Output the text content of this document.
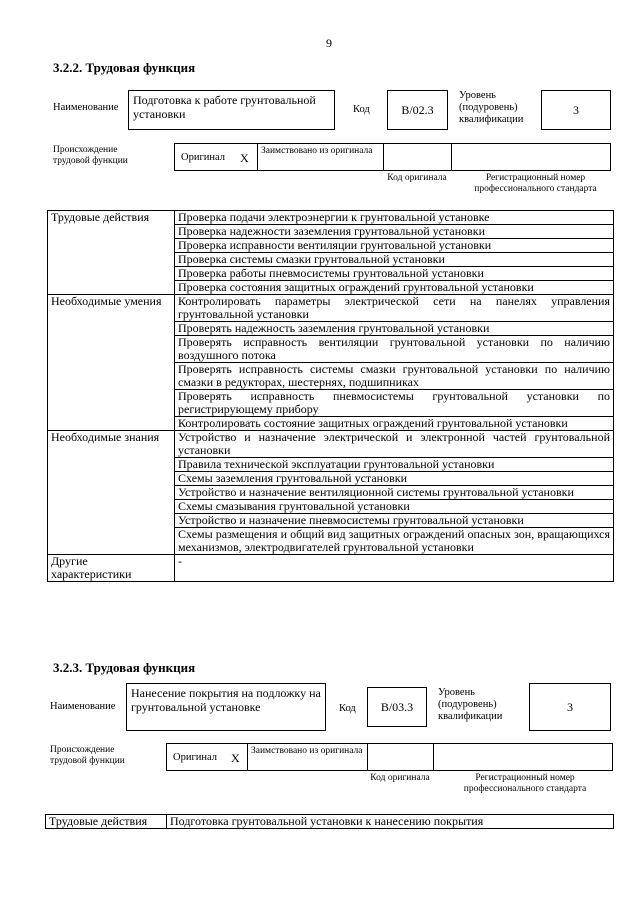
9
3.2.2. Трудовая функция
Наименование
Подготовка к работе грунтовальной установки	Код	B/02.3
Уровень (подуровень) квалификации
3
Происхождение трудовой функции	Оригинал X Заимствовано из оригинала
Код оригинала	Регистрационный номер профессионального стандарта
Трудовые действия	Проверка подачи электроэнергии к грунтовальной установке
	Проверка надежности заземления грунтовальной установки
	Проверка исправности вентиляции грунтовальной установки
	Проверка системы смазки грунтовальной установки
	Проверка работы пневмосистемы грунтовальной установки
	Проверка состояния защитных ограждений грунтовальной установки
Необходимые умения	Контролировать параметры электрической сети на панелях управления грунтовальной установки
	Проверять надежность заземления грунтовальной установки
	Проверять исправность вентиляции грунтовальной установки по наличию воздушного потока
	Проверять исправность системы смазки грунтовальной установки по наличию смазки в редукторах, шестернях, подшипниках
	Проверять исправность пневмосистемы грунтовальной установки по регистрирующему прибору
	Контролировать состояние защитных ограждений грунтовальной установки
Необходимые знания	Устройство и назначение электрической и электронной частей грунтовальной установки
	Правила технической эксплуатации грунтовальной установки
	Схемы заземления грунтовальной установки
	Устройство и назначение вентиляционной системы грунтовальной установки
	Схемы смазывания грунтовальной установки
	Устройство и назначение пневмосистемы грунтовальной установки
	Схемы размещения и общий вид защитных ограждений опасных зон, вращающихся механизмов, электродвигателей грунтовальной установки
Другие характеристики	-
3.2.3. Трудовая функция
Наименование
Нанесение покрытия на подложку на грунтовальной установке	Код	B/03.3
Уровень (подуровень) квалификации
3
Происхождение трудовой функции	Оригинал X Заимствовано из оригинала
Код оригинала	Регистрационный номер профессионального стандарта
Трудовые действия	Подготовка грунтовальной установки к нанесению покрытия
